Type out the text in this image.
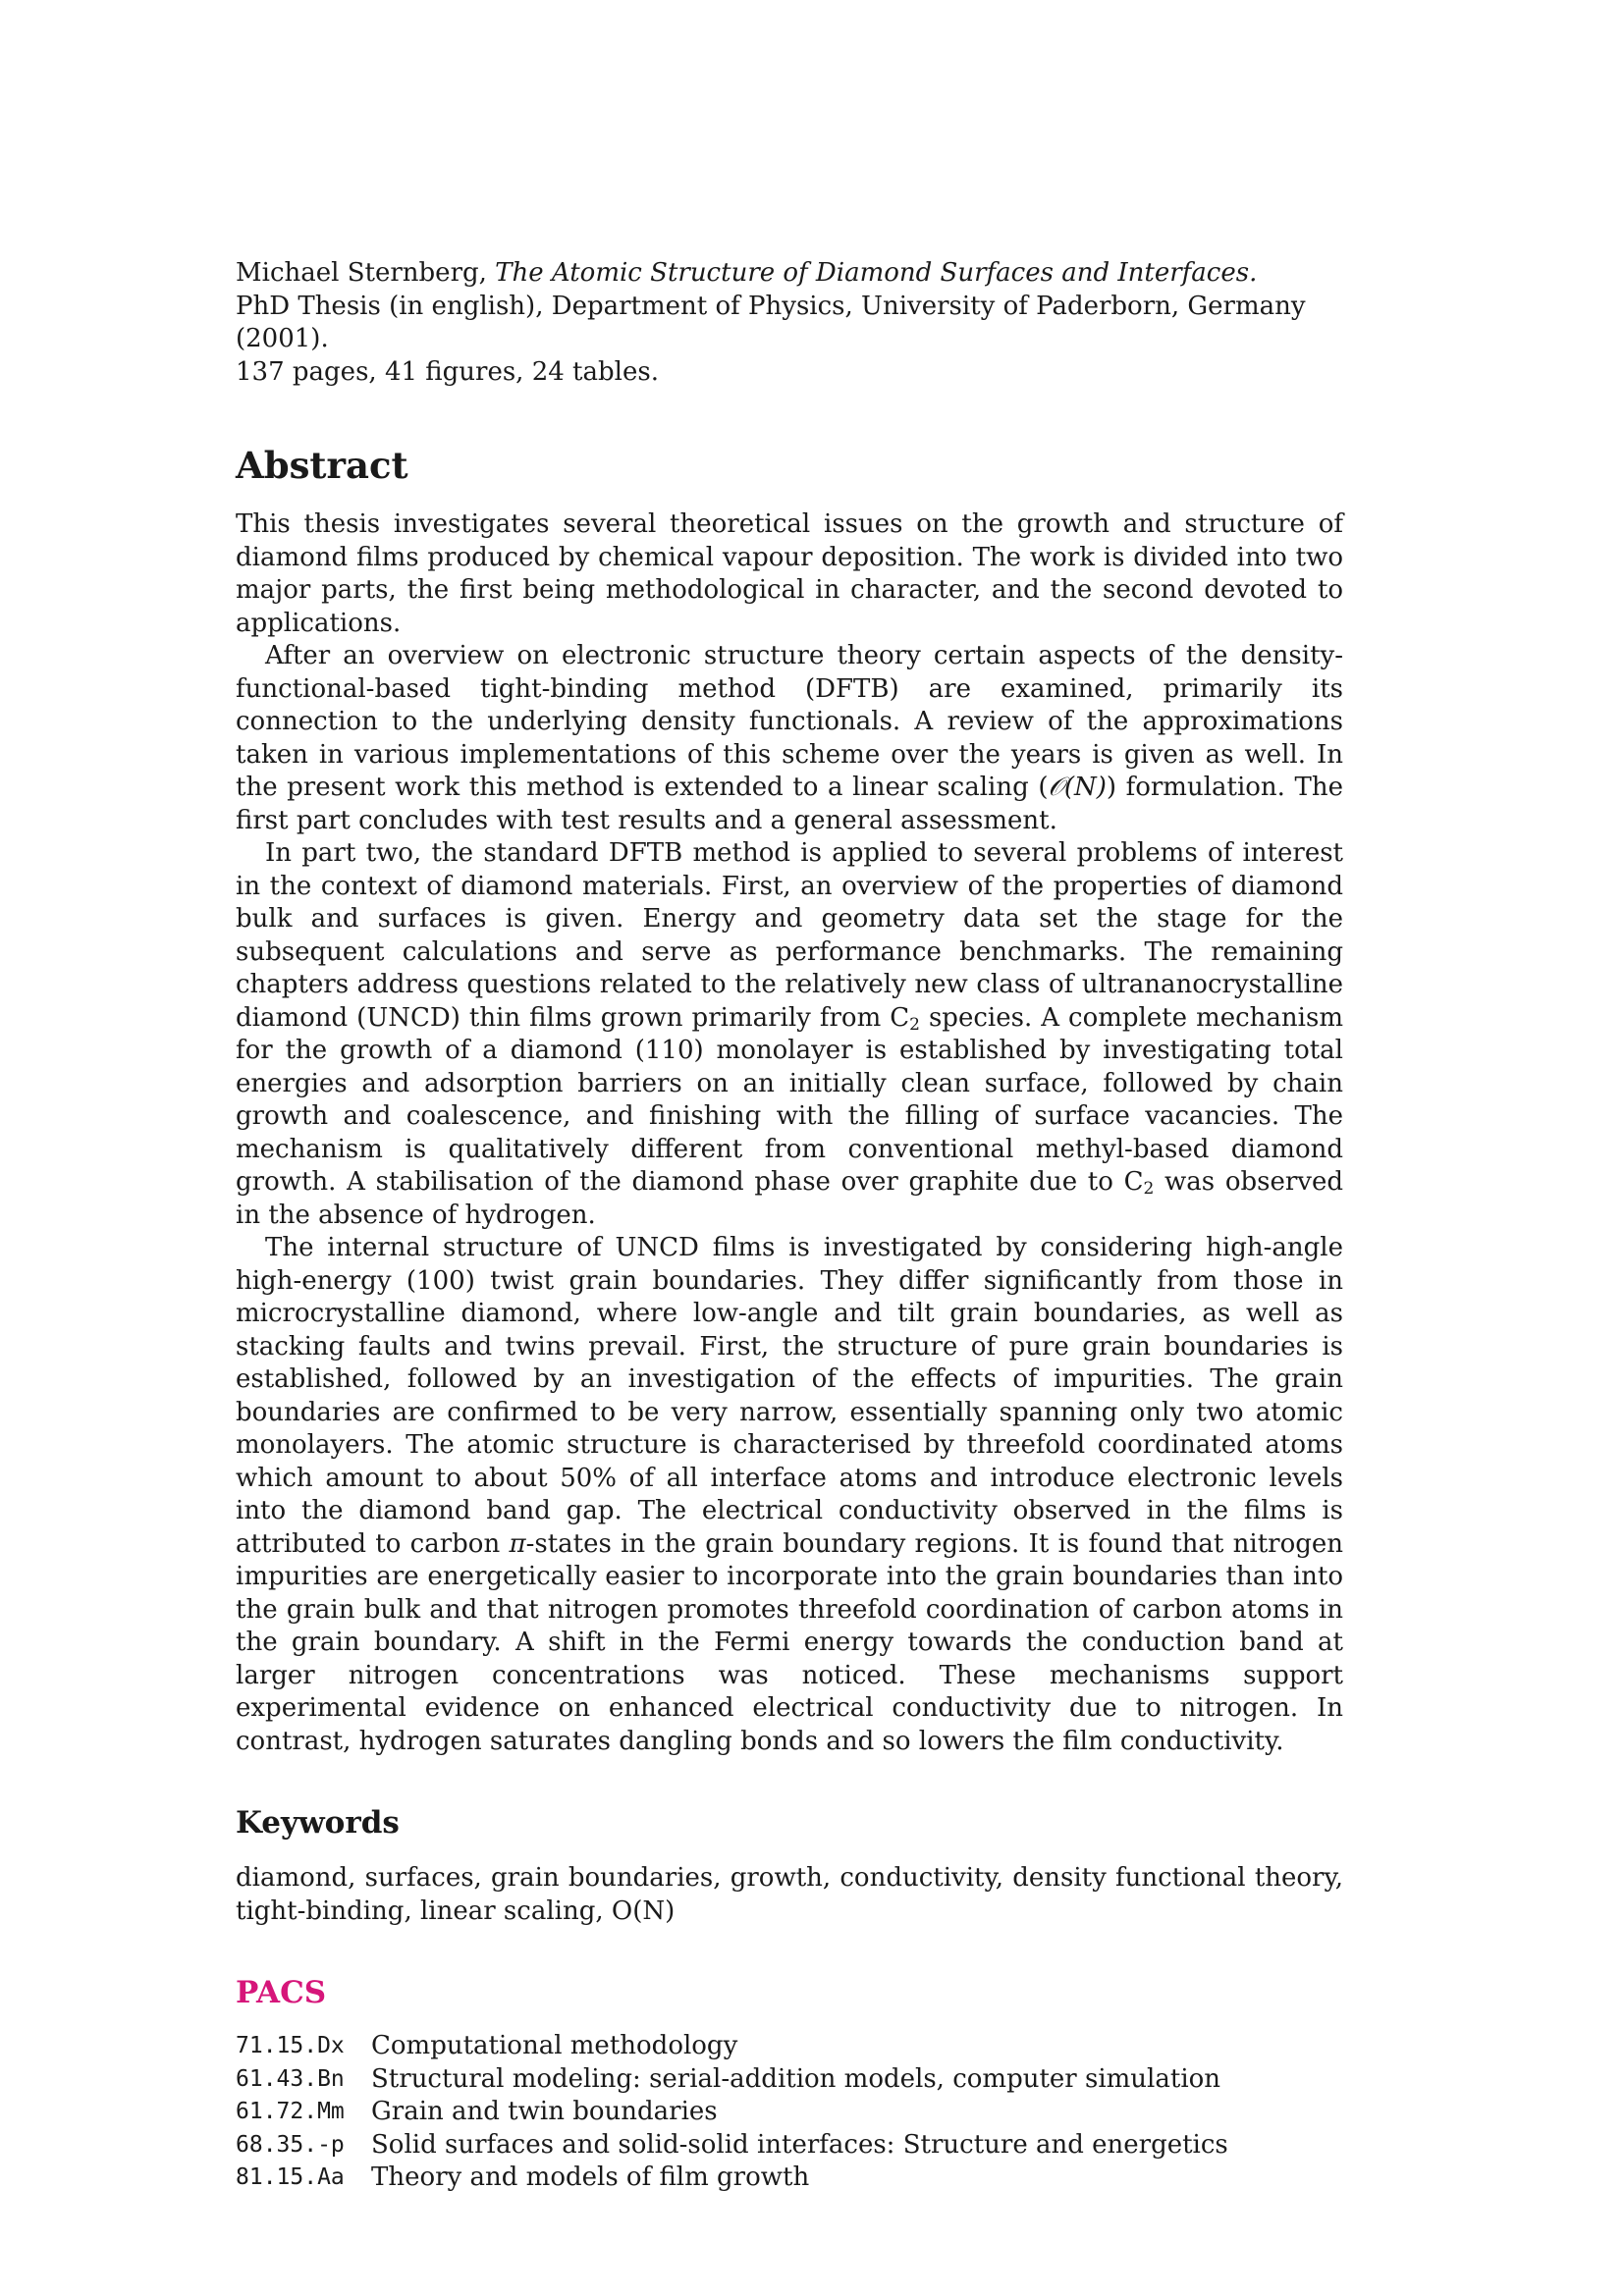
Michael Sternberg, The Atomic Structure of Diamond Surfaces and Interfaces.
PhD Thesis (in english), Department of Physics, University of Paderborn, Germany (2001).
137 pages, 41 figures, 24 tables.
Abstract

This thesis investigates several theoretical issues on the growth and structure of diamond films produced by chemical vapour deposition. The work is divided into two major parts, the first being methodological in character, and the second devoted to applications.

After an overview on electronic structure theory certain aspects of the density-functional-based tight-binding method (DFTB) are examined, primarily its connection to the underlying density functionals. A review of the approximations taken in various implementations of this scheme over the years is given as well. In the present work this method is extended to a linear scaling (𝒪(N)) formulation. The first part concludes with test results and a general assessment.

In part two, the standard DFTB method is applied to several problems of interest in the context of diamond materials. First, an overview of the properties of diamond bulk and surfaces is given. Energy and geometry data set the stage for the subsequent calculations and serve as performance benchmarks. The remaining chapters address questions related to the relatively new class of ultrananocrystalline diamond (UNCD) thin films grown primarily from $C_2$ species. A complete mechanism for the growth of a diamond (110) monolayer is established by investigating total energies and adsorption barriers on an initially clean surface, followed by chain growth and coalescence, and finishing with the filling of surface vacancies. The mechanism is qualitatively different from conventional methyl-based diamond growth. A stabilisation of the diamond phase over graphite due to $C_2$ was observed in the absence of hydrogen.

The internal structure of UNCD films is investigated by considering high-angle high-energy (100) twist grain boundaries. They differ significantly from those in microcrystalline diamond, where low-angle and tilt grain boundaries, as well as stacking faults and twins prevail. First, the structure of pure grain boundaries is established, followed by an investigation of the effects of impurities. The grain boundaries are confirmed to be very narrow, essentially spanning only two atomic monolayers. The atomic structure is characterised by threefold coordinated atoms which amount to about 50% of all interface atoms and introduce electronic levels into the diamond band gap. The electrical conductivity observed in the films is attributed to carbon π-states in the grain boundary regions. It is found that nitrogen impurities are energetically easier to incorporate into the grain boundaries than into the grain bulk and that nitrogen promotes threefold coordination of carbon atoms in the grain boundary. A shift in the Fermi energy towards the conduction band at larger nitrogen concentrations was noticed. These mechanisms support experimental evidence on enhanced electrical conductivity due to nitrogen. In contrast, hydrogen saturates dangling bonds and so lowers the film conductivity.

Keywords

diamond, surfaces, grain boundaries, growth, conductivity, density functional theory, tight-binding, linear scaling, O(N)

PACS
71.15.Dx	Computational methodology
61.43.Bn	Structural modeling: serial-addition models, computer simulation
61.72.Mm	Grain and twin boundaries
68.35.-p	Solid surfaces and solid-solid interfaces: Structure and energetics
81.15.Aa	Theory and models of film growth
